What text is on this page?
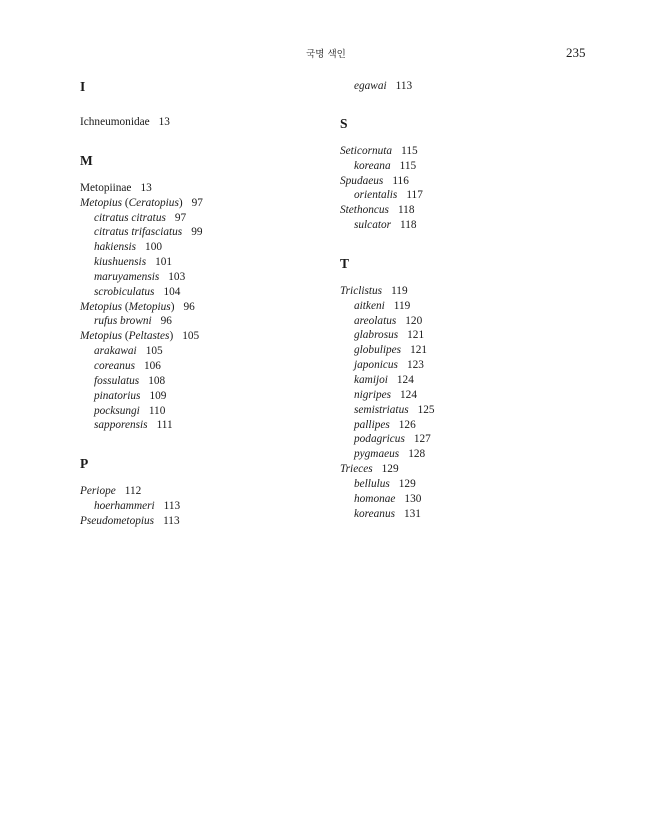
국명 색인	235
I
Ichneumonidae 13
M
Metopiinae 13
Metopius (Ceratopius) 97
citratus citratus 97
citratus trifasciatus 99
hakiensis 100
kiushuensis 101
maruyamensis 103
scrobiculatus 104
Metopius (Metopius) 96
rufus browni 96
Metopius (Peltastes) 105
arakawai 105
coreanus 106
fossulatus 108
pinatorius 109
pocksungi 110
sapporensis 111
P
Periope 112
hoerhammeri 113
Pseudometopius 113
egawai 113
S
Seticornuta 115
koreana 115
Spudaeus 116
orientalis 117
Stethoncus 118
sulcator 118
T
Triclistus 119
aitkeni 119
areolatus 120
glabrosus 121
globulipes 121
japonicus 123
kamijoi 124
nigripes 124
semistriatus 125
pallipes 126
podagricus 127
pygmaeus 128
Trieces 129
bellulus 129
homonae 130
koreanus 131
